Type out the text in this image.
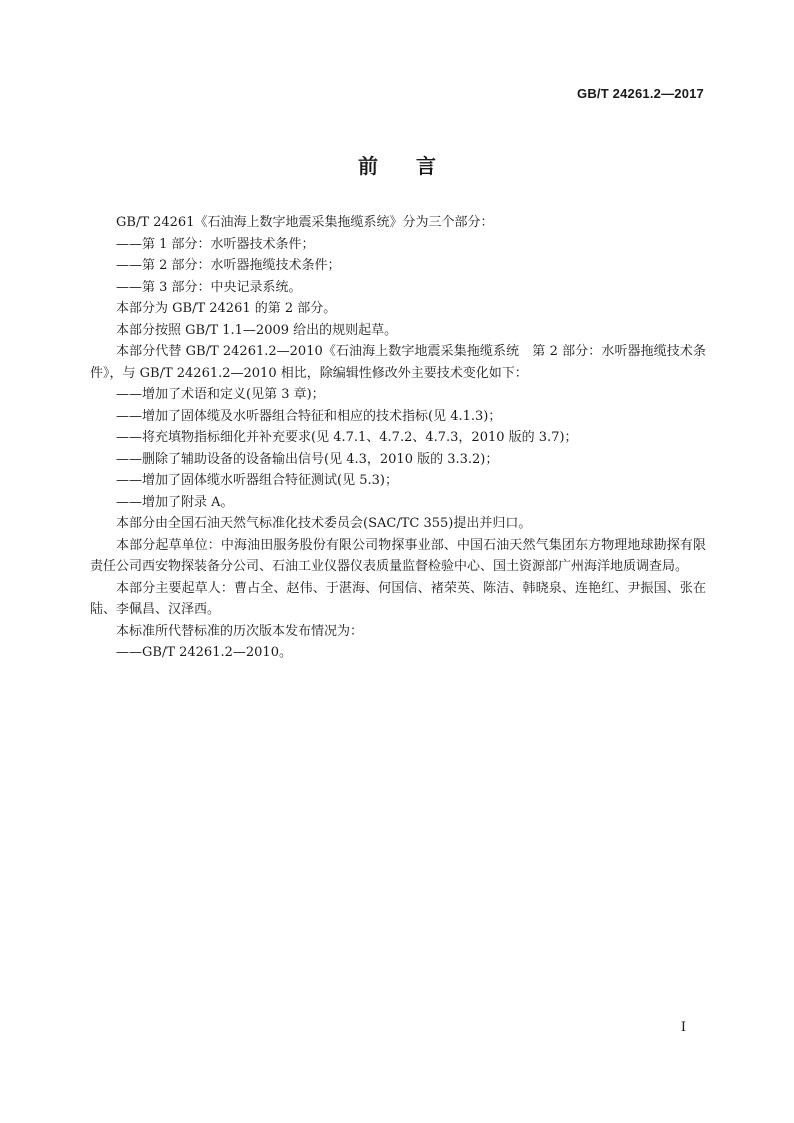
GB/T 24261.2—2017
前言

GB/T 24261《石油海上数字地震采集拖缆系统》分为三个部分：

——第 1 部分：水听器技术条件；

——第 2 部分：水听器拖缆技术条件；

——第 3 部分：中央记录系统。

本部分为 GB/T 24261 的第 2 部分。

本部分按照 GB/T 1.1—2009 给出的规则起草。

本部分代替 GB/T 24261.2—2010《石油海上数字地震采集拖缆系统　第 2 部分：水听器拖缆技术条件》，与 GB/T 24261.2—2010 相比，除编辑性修改外主要技术变化如下：

——增加了术语和定义(见第 3 章)；

——增加了固体缆及水听器组合特征和相应的技术指标(见 4.1.3)；

——将充填物指标细化并补充要求(见 4.7.1、4.7.2、4.7.3，2010 版的 3.7)；

——删除了辅助设备的设备输出信号(见 4.3，2010 版的 3.3.2)；

——增加了固体缆水听器组合特征测试(见 5.3)；

——增加了附录 A。

本部分由全国石油天然气标准化技术委员会(SAC/TC 355)提出并归口。

本部分起草单位：中海油田服务股份有限公司物探事业部、中国石油天然气集团东方物理地球勘探有限责任公司西安物探装备分公司、石油工业仪器仪表质量监督检验中心、国土资源部广州海洋地质调查局。

本部分主要起草人：曹占全、赵伟、于湛海、何国信、褚荣英、陈洁、韩晓泉、连艳红、尹振国、张在陆、李佩昌、汉泽西。

本标准所代替标准的历次版本发布情况为：

——GB/T 24261.2—2010。

I
